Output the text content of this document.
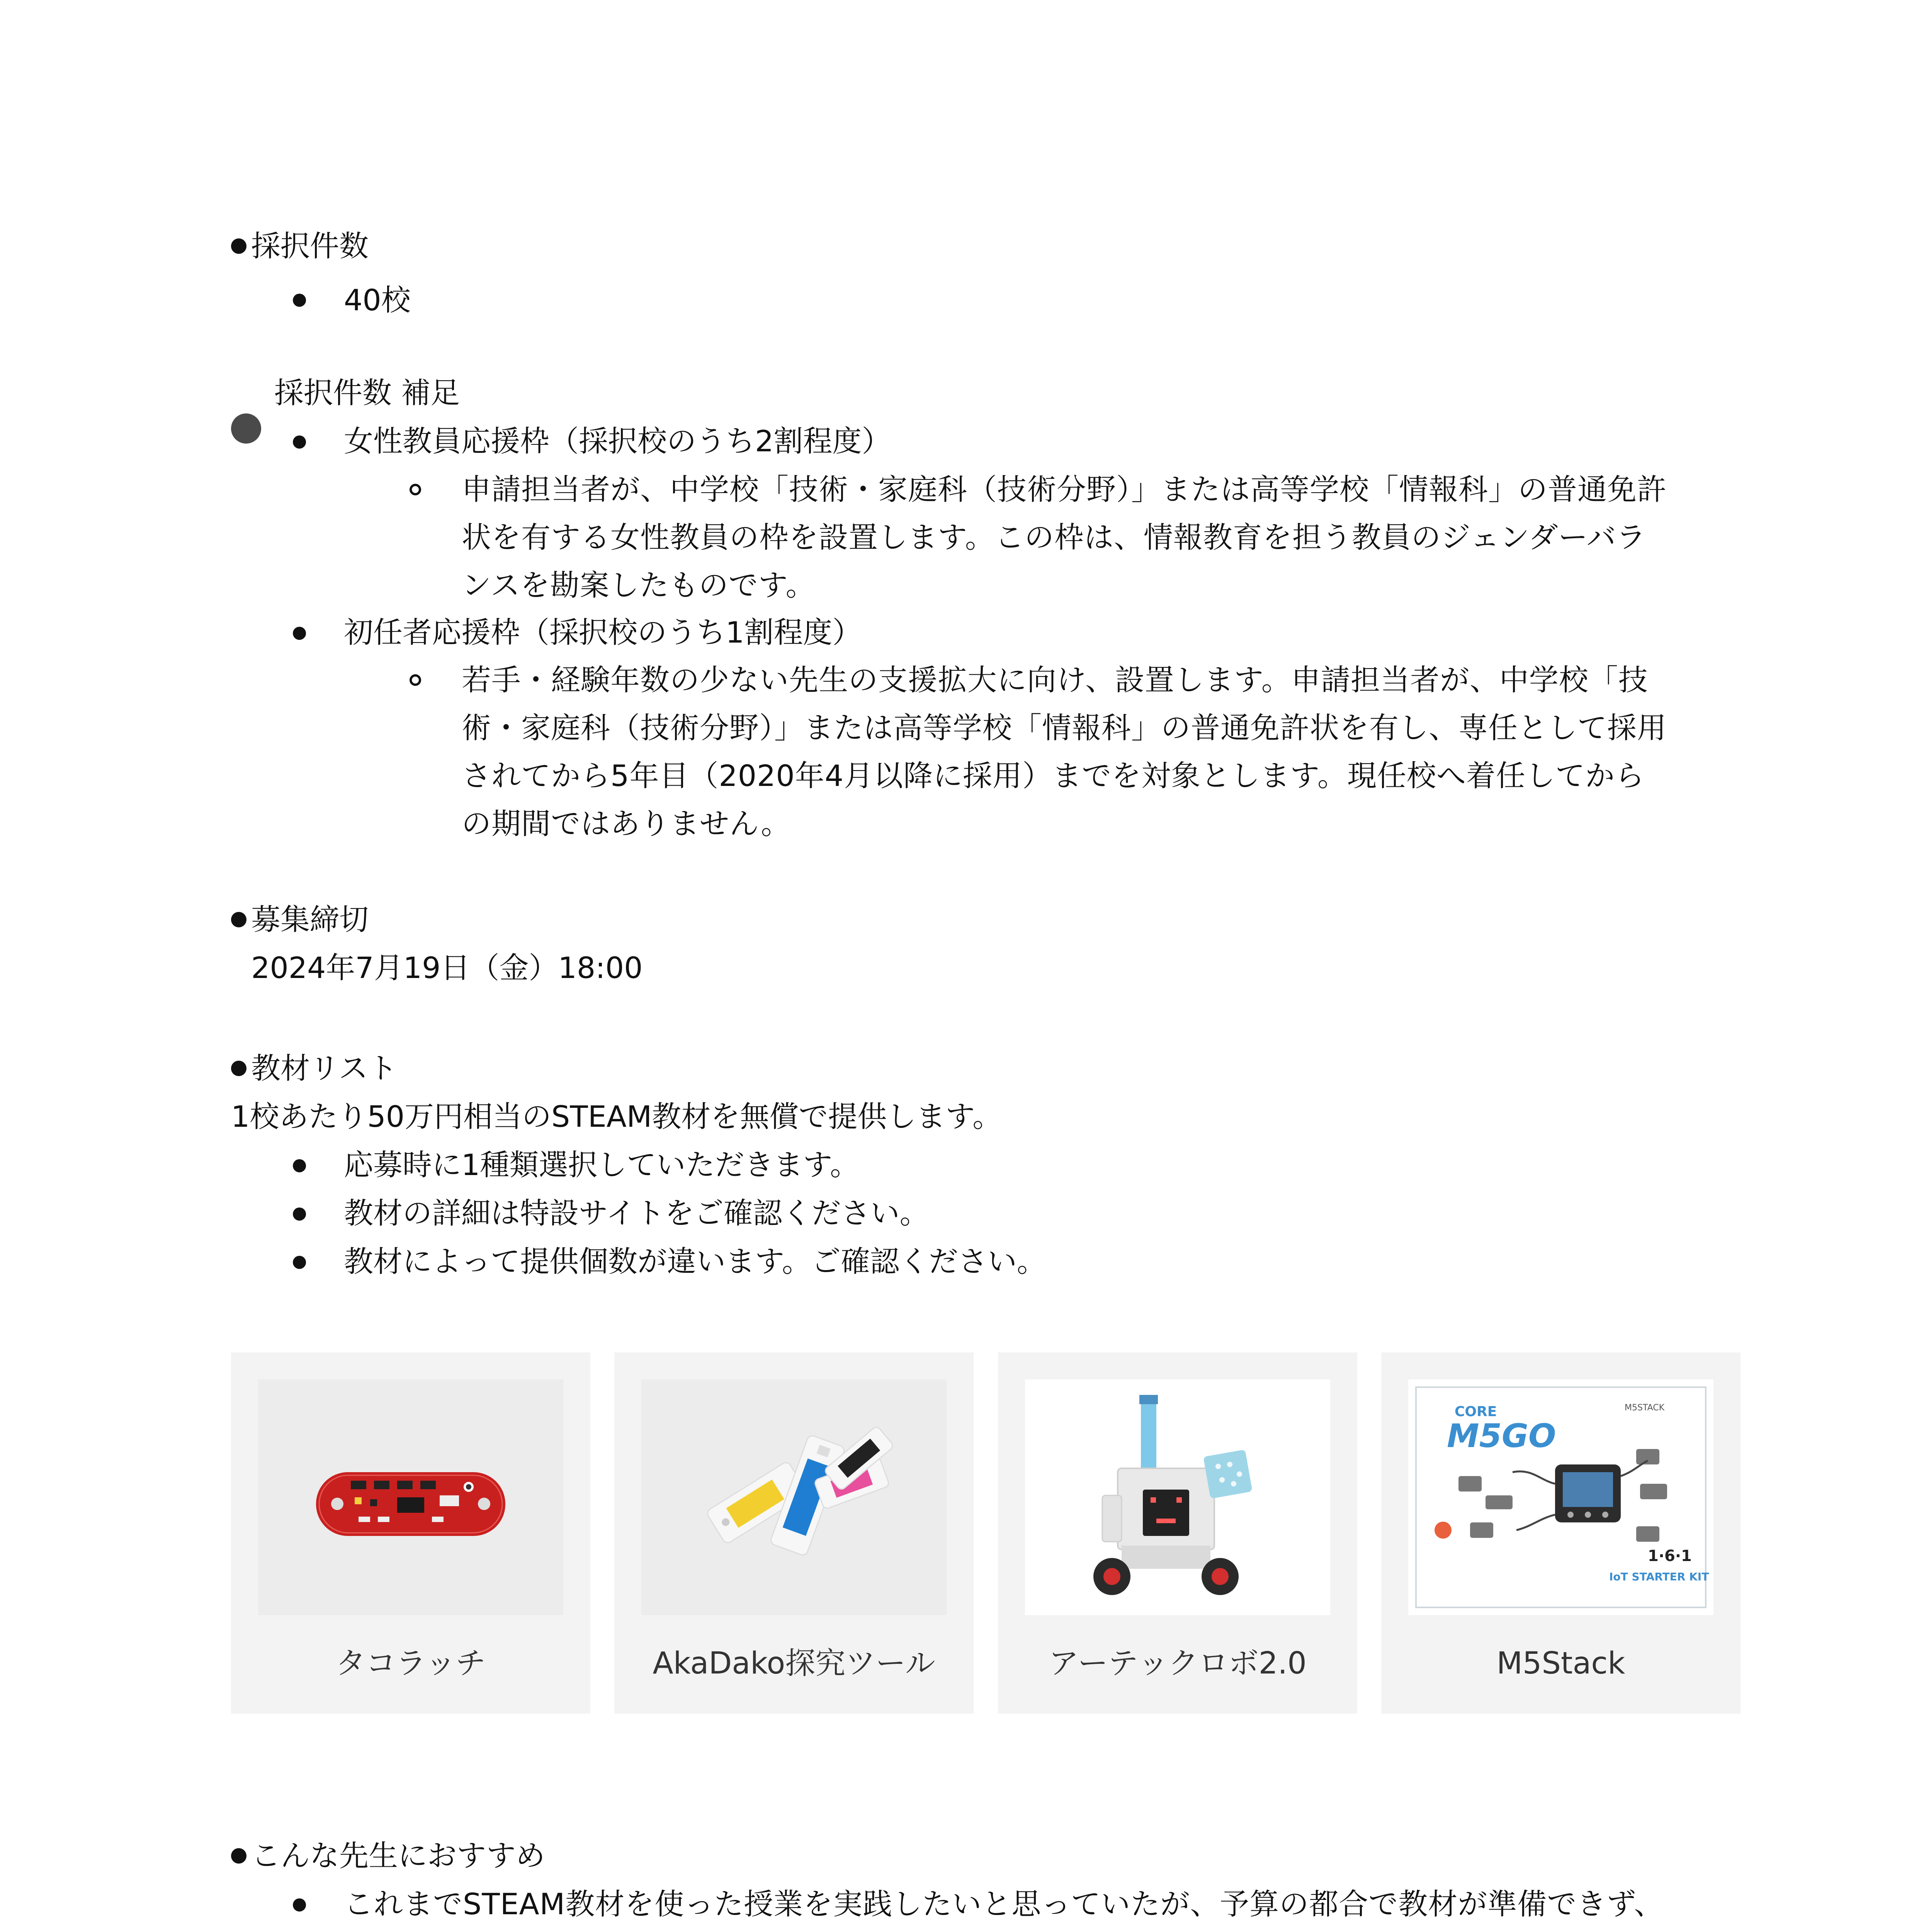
採択件数
40校
採択件数 補足
女性教員応援枠（採択校のうち2割程度）
申請担当者が、中学校「技術・家庭科（技術分野）」または高等学校「情報科」の普通免許状を有する女性教員の枠を設置します。この枠は、情報教育を担う教員のジェンダーバランスを勘案したものです。
初任者応援枠（採択校のうち1割程度）
若手・経験年数の少ない先生の支援拡大に向け、設置します。申請担当者が、中学校「技術・家庭科（技術分野）」または高等学校「情報科」の普通免許状を有し、専任として採用されてから5年目（2020年4月以降に採用）までを対象とします。現任校へ着任してからの期間ではありません。
募集締切
2024年7月19日（金）18:00
教材リスト
1校あたり50万円相当のSTEAM教材を無償で提供します。
応募時に1種類選択していただきます。
教材の詳細は特設サイトをご確認ください。
教材によって提供個数が違います。ご確認ください。
タコラッチ	AkaDako探究ツール	アーテックロボ2.0
CORE
M5GO
M5STACK
IoT STARTER KIT
1·6·1
M5Stack
こんな先生におすすめ
これまでSTEAM教材を使った授業を実践したいと思っていたが、予算の都合で教材が準備できず、
